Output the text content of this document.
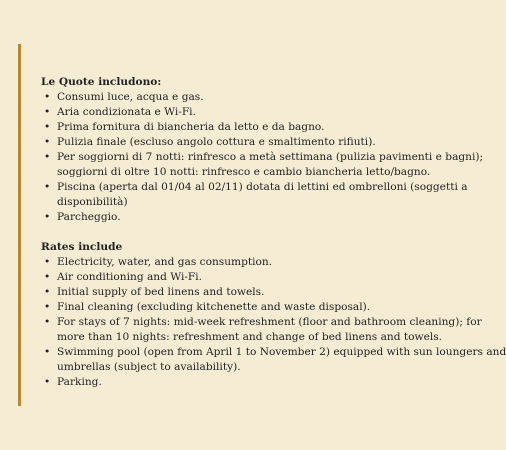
Le Quote includono:

• Consumi luce, acqua e gas.
• Aria condizionata e Wi-Fi.
• Prima fornitura di biancheria da letto e da bagno.
• Pulizia finale (escluso angolo cottura e smaltimento rifiuti).
• Per soggiorni di 7 notti: rinfresco a metà settimana (pulizia pavimenti e bagni);
soggiorni di oltre 10 notti: rinfresco e cambio biancheria letto/bagno.
• Piscina (aperta dal 01/04 al 02/11) dotata di lettini ed ombrelloni (soggetti a
disponibilità)
• Parcheggio.

Rates include

• Electricity, water, and gas consumption.
• Air conditioning and Wi-Fi.
• Initial supply of bed linens and towels.
• Final cleaning (excluding kitchenette and waste disposal).
• For stays of 7 nights: mid-week refreshment (floor and bathroom cleaning); for
more than 10 nights: refreshment and change of bed linens and towels.
• Swimming pool (open from April 1 to November 2) equipped with sun loungers and
umbrellas (subject to availability).
• Parking.
